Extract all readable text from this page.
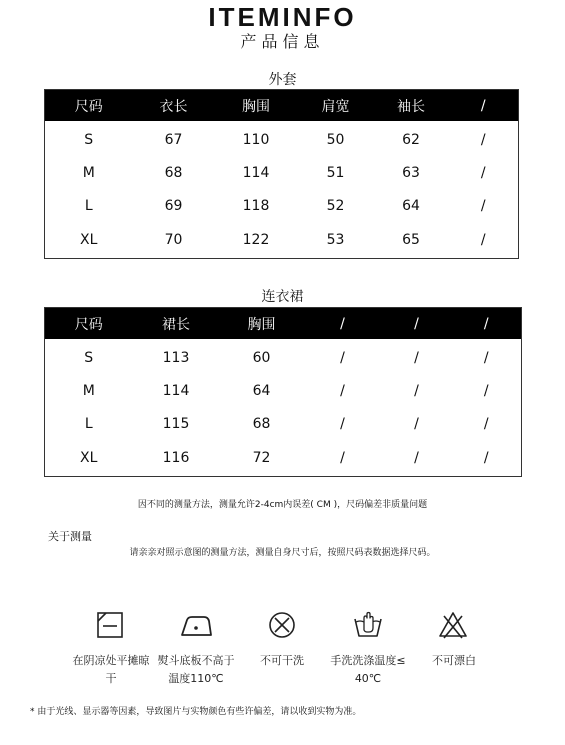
ITEMINFO
产品信息
外套
尺码	衣长	胸围	肩宽	袖长	/
S	67	110	50	62	/
M	68	114	51	63	/
L	69	118	52	64	/
XL	70	122	53	65	/
连衣裙
尺码	裙长	胸围	/	/	/
S	113	60	/	/	/
M	114	64	/	/	/
L	115	68	/	/	/
XL	116	72	/	/	/
因不同的测量方法，测量允许2-4cm内误差( CM )，尺码偏差非质量问题
关于测量
请亲亲对照示意图的测量方法，测量自身尺寸后，按照尺码表数据选择尺码。
在阴凉处平摊晾
干
熨斗底板不高于
温度110℃
不可干洗	手洗洗涤温度≤
40℃
不可漂白
* 由于光线、显示器等因素，导致图片与实物颜色有些许偏差，请以收到实物为准。
